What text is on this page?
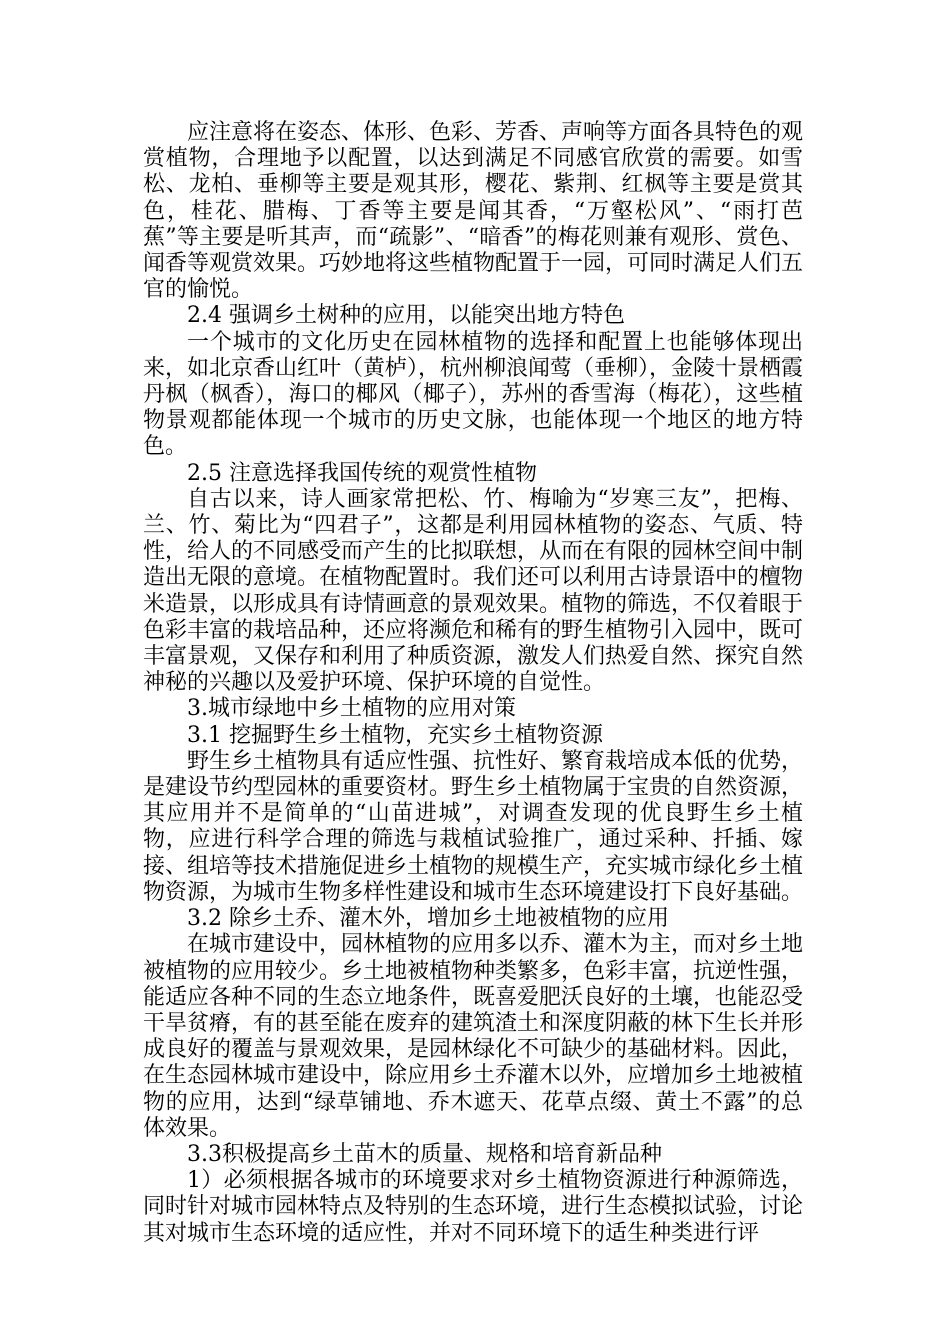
应注意将在姿态、体形、色彩、芳香、声响等方面各具特色的观赏植物，合理地予以配置，以达到满足不同感官欣赏的需要。如雪松、龙柏、垂柳等主要是观其形，樱花、紫荆、红枫等主要是赏其色，桂花、腊梅、丁香等主要是闻其香，“万壑松风”、“雨打芭蕉”等主要是听其声，而“疏影”、“暗香”的梅花则兼有观形、赏色、闻香等观赏效果。巧妙地将这些植物配置于一园，可同时满足人们五官的愉悦。

2.4 强调乡土树种的应用，以能突出地方特色

一个城市的文化历史在园林植物的选择和配置上也能够体现出来，如北京香山红叶（黄栌），杭州柳浪闻莺（垂柳），金陵十景栖霞丹枫（枫香），海口的椰风（椰子），苏州的香雪海（梅花），这些植物景观都能体现一个城市的历史文脉，也能体现一个地区的地方特色。

2.5 注意选择我国传统的观赏性植物

自古以来，诗人画家常把松、竹、梅喻为“岁寒三友”，把梅、兰、竹、菊比为“四君子”，这都是利用园林植物的姿态、气质、特性，给人的不同感受而产生的比拟联想，从而在有限的园林空间中制造出无限的意境。在植物配置时。我们还可以利用古诗景语中的檀物米造景，以形成具有诗情画意的景观效果。植物的筛选，不仅着眼于色彩丰富的栽培品种，还应将濒危和稀有的野生植物引入园中，既可丰富景观，又保存和利用了种质资源，激发人们热爱自然、探究自然神秘的兴趣以及爱护环境、保护环境的自觉性。

3.城市绿地中乡土植物的应用对策

3.1 挖掘野生乡土植物，充实乡土植物资源

野生乡土植物具有适应性强、抗性好、繁育栽培成本低的优势，是建设节约型园林的重要资材。野生乡土植物属于宝贵的自然资源，其应用并不是简单的“山苗进城”，对调查发现的优良野生乡土植物，应进行科学合理的筛选与栽植试验推广，通过采种、扦插、嫁接、组培等技术措施促进乡土植物的规模生产，充实城市绿化乡土植物资源，为城市生物多样性建设和城市生态环境建设打下良好基础。

3.2 除乡土乔、灌木外，增加乡土地被植物的应用

在城市建设中，园林植物的应用多以乔、灌木为主，而对乡土地被植物的应用较少。乡土地被植物种类繁多，色彩丰富，抗逆性强，能适应各种不同的生态立地条件，既喜爱肥沃良好的土壤，也能忍受干旱贫瘠，有的甚至能在废弃的建筑渣土和深度阴蔽的林下生长并形成良好的覆盖与景观效果，是园林绿化不可缺少的基础材料。因此，在生态园林城市建设中，除应用乡土乔灌木以外，应增加乡土地被植物的应用，达到“绿草铺地、乔木遮天、花草点缀、黄土不露”的总体效果。

3.3积极提高乡土苗木的质量、规格和培育新品种

1）必须根据各城市的环境要求对乡土植物资源进行种源筛选，同时针对城市园林特点及特别的生态环境，进行生态模拟试验，讨论其对城市生态环境的适应性，并对不同环境下的适生种类进行评
